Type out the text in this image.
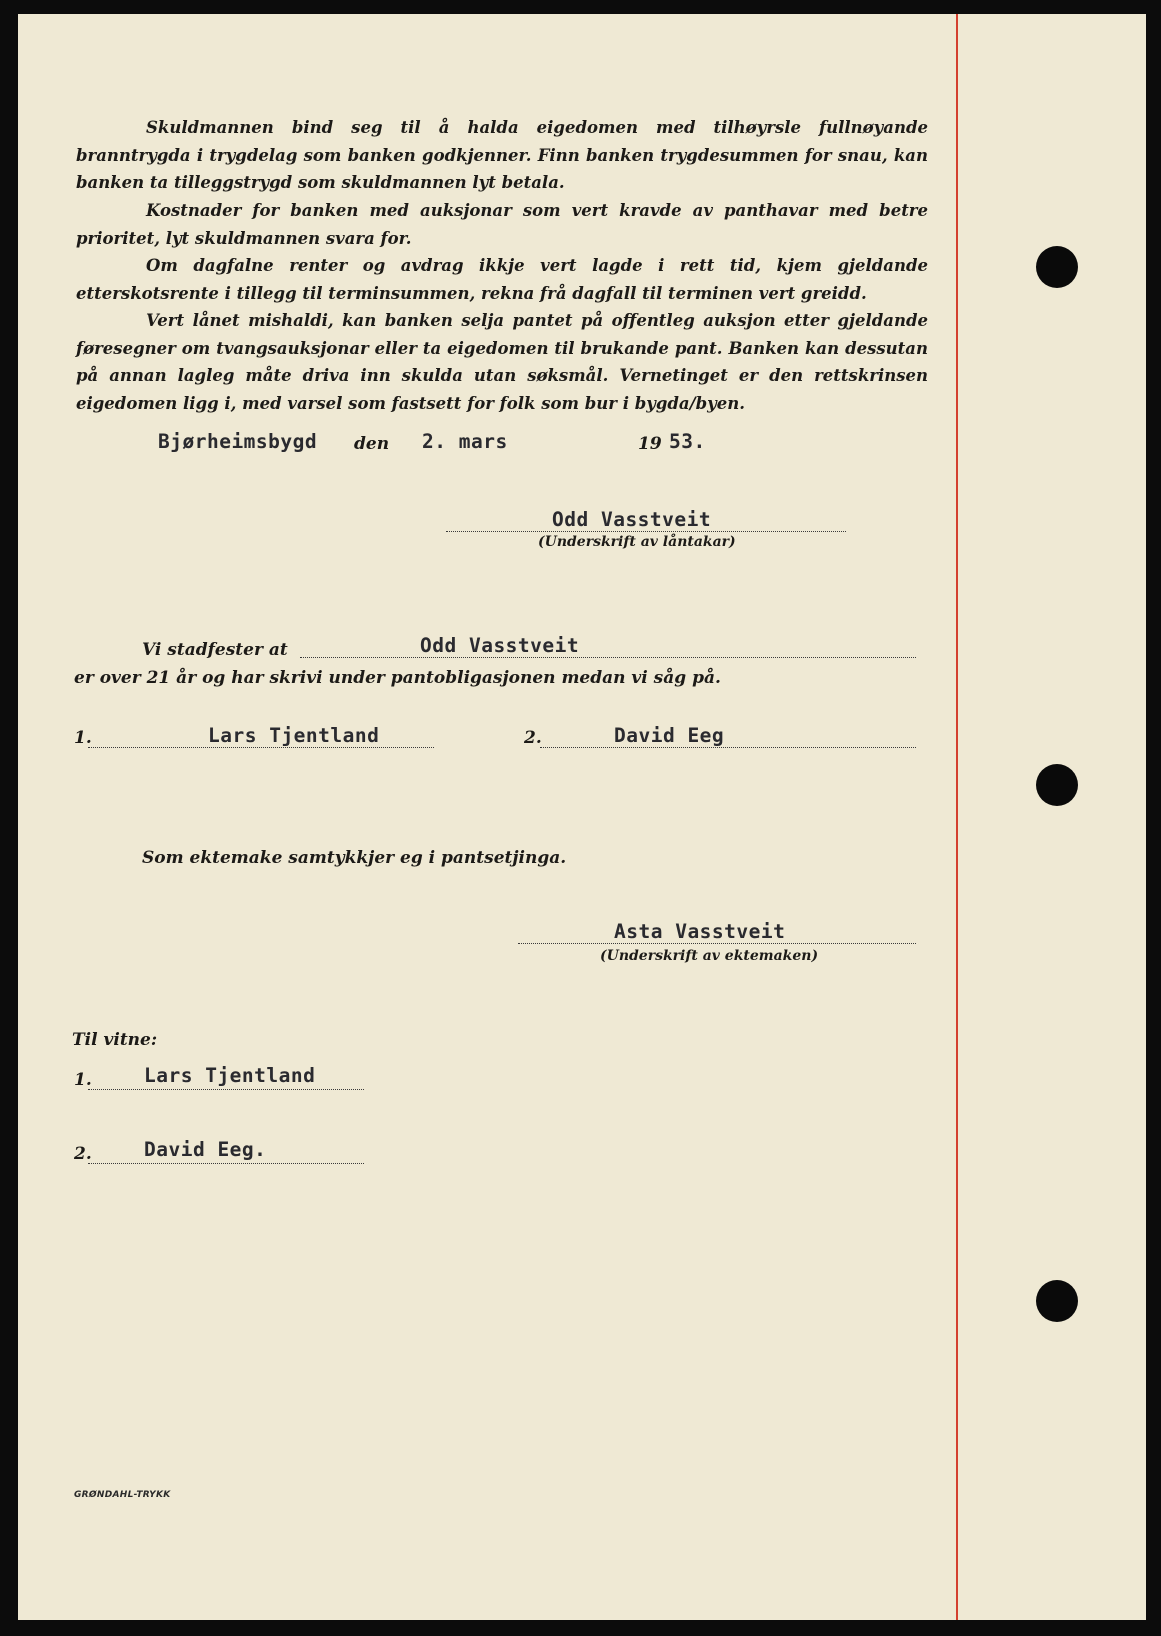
Skuldmannen bind seg til å halda eigedomen med tilhøyrsle fullnøyande branntrygda i trygdelag som banken godkjenner. Finn banken trygdesummen for snau, kan banken ta tilleggstrygd som skuldmannen lyt betala.
Kostnader for banken med auksjonar som vert kravde av panthavar med betre prioritet, lyt skuldmannen svara for.
Om dagfalne renter og avdrag ikkje vert lagde i rett tid, kjem gjeldande etterskotsrente i tillegg til terminsummen, rekna frå dagfall til terminen vert greidd.
Vert lånet mishaldi, kan banken selja pantet på offentleg auksjon etter gjeldande føresegner om tvangsauksjonar eller ta eigedomen til brukande pant. Banken kan dessutan på annan lagleg måte driva inn skulda utan søksmål. Vernetinget er den rettskrinsen eigedomen ligg i, med varsel som fastsett for folk som bur i bygda/byen.
Bjørheimsbygd den 2. mars	19 53.
Odd Vasstveit
(Underskrift av låntakar)
Vi stadfester at	Odd Vasstveit
er over 21 år og har skrivi under pantobligasjonen medan vi såg på.
1.	Lars Tjentland	2.	David Eeg
Som ektemake samtykkjer eg i pantsetjinga.
Asta Vasstveit
(Underskrift av ektemaken)
Til vitne:
1.	Lars Tjentland
2.	David Eeg.
GRØNDAHL-TRYKK
